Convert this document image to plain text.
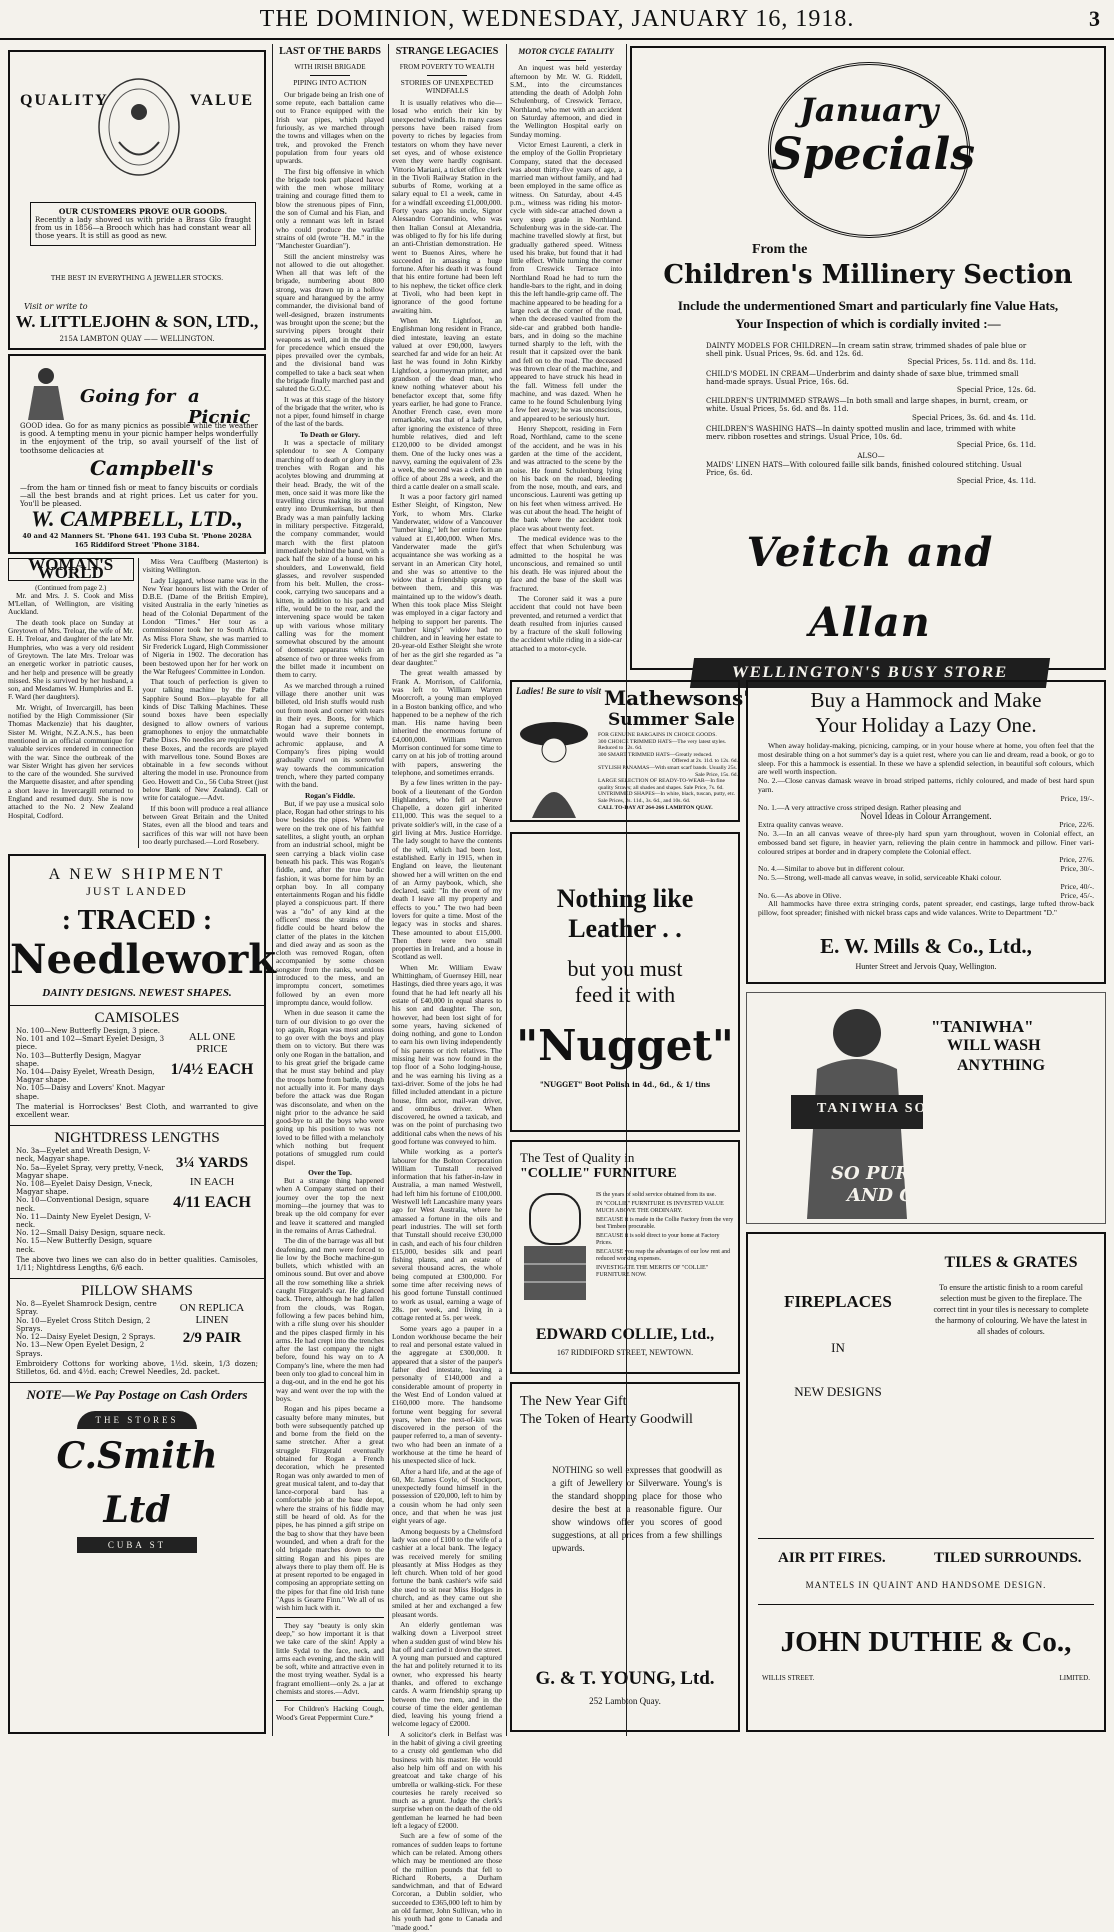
THE DOMINION, WEDNESDAY, JANUARY 16, 1918.	3
QUALITY	VALUE
OUR CUSTOMERS PROVE OUR GOODS.
Recently a lady showed us with pride a Brass Glo fraught from us in 1856—a Brooch which has had constant wear all those years. It is still as good as new.
THE BEST IN EVERYTHING A JEWELLER STOCKS.
Visit or write to
W. LITTLEJOHN & SON, LTD.,
215A LAMBTON QUAY —— WELLINGTON.
Going for a Picnic
GOOD idea. Go for as many picnics as possible while the weather is good. A tempting menu in your picnic hamper helps wonderfully in the enjoyment of the trip, so avail yourself of the list of toothsome delicacies at
Campbell's
—from the ham or tinned fish or meat to fancy biscuits or cordials—all the best brands and at right prices. Let us cater for you. You'll be pleased.
W. CAMPBELL, LTD.,
40 and 42 Manners St. 'Phone 641. 193 Cuba St. 'Phone 2028A
165 Riddiford Street 'Phone 3184.
WOMAN'S WORLD
(Continued from page 2.)

Mr. and Mrs. J. S. Cook and Miss M'Lellan, of Wellington, are visiting Auckland.

The death took place on Sunday at Greytown of Mrs. Treloar, the wife of Mr. E. H. Treloar, and daughter of the late Mr. Humphries, who was a very old resident of Greytown. The late Mrs. Treloar was an energetic worker in patriotic causes, and her help and presence will be greatly missed. She is survived by her husband, a son, and Mesdames W. Humphries and E. F. Ward (her daughters).

Mr. Wright, of Invercargill, has been notified by the High Commissioner (Sir Thomas Mackenzie) that his daughter, Sister M. Wright, N.Z.A.N.S., has been mentioned in an official communique for valuable services rendered in connection with the war. Since the outbreak of the war Sister Wright has given her services to the care of the wounded. She survived the Marquette disaster, and after spending a short leave in Invercargill returned to England and resumed duty. She is now attached to the No. 2 New Zealand Hospital, Codford.

Miss Vera Cauffberg (Masterton) is visiting Wellington.

Lady Liggard, whose name was in the New Year honours list with the Order of D.B.E. (Dame of the British Empire), visited Australia in the early 'nineties as head of the Colonial Department of the London "Times." Her tour as a commissioner took her to South Africa. As Miss Flora Shaw, she was married to Sir Frederick Lugard, High Commissioner of Nigeria in 1902. The decoration has been bestowed upon her for her work on the War Refugees' Committee in London.

That touch of perfection is given to your talking machine by the Pathe Sapphire Sound Box—playable for all kinds of Disc Talking Machines. These sound boxes have been especially designed to allow owners of various gramophones to enjoy the unmatchable Pathe Discs. No needles are required with these Boxes, and the records are played with marvellous tone. Sound Boxes are obtainable in a few seconds without altering the model in use. Pronounce from Geo. Howett and Co., 56 Cuba Street (just below Bank of New Zealand). Call or write for catalogue.—Advt.

If this boon will produce a real alliance between Great Britain and the United States, even all the blood and tears and sacrifices of this war will not have been too dearly purchased.—Lord Rosebery.

A NEW SHIPMENT
JUST LANDED
: TRACED :
Needlework
DAINTY DESIGNS. NEWEST SHAPES.
CAMISOLES
No. 100—New Butterfly Design, 3 piece.
No. 101 and 102—Smart Eyelet Design, 3 piece.
No. 103—Butterfly Design, Magyar shape.
No. 104—Daisy Eyelet, Wreath Design, Magyar shape.
No. 105—Daisy and Lovers' Knot. Magyar shape.
ALL ONE
PRICE
1/4½ EACH
The material is Horrockses' Best Cloth, and warranted to give excellent wear.
NIGHTDRESS LENGTHS
No. 3a—Eyelet and Wreath Design, V-neck, Magyar shape.
No. 5a—Eyelet Spray, very pretty, V-neck, Magyar shape.
No. 108—Eyelet Daisy Design, V-neck, Magyar shape.
No. 10—Conventional Design, square neck.
No. 11—Dainty New Eyelet Design, V-neck.
No. 12—Small Daisy Design, square neck.
No. 15—New Butterfly Design, square neck.
3¼ YARDS
IN EACH
4/11 EACH
The above two lines we can also do in better qualities. Camisoles, 1/11; Nightdress Lengths, 6/6 each.
PILLOW SHAMS
No. 8—Eyelet Shamrock Design, centre Spray.
No. 10—Eyelet Cross Stitch Design, 2 Sprays.
No. 12—Daisy Eyelet Design, 2 Sprays.
No. 13—New Open Eyelet Design, 2 Sprays.
ON REPLICA
LINEN
2/9 PAIR
Embroidery Cottons for working above, 1½d. skein, 1/3 dozen; Stilletos, 6d. and 4½d. each; Crewel Needles, 2d. packet.
NOTE—We Pay Postage on Cash Orders
THE STORES
C.Smith Ltd
CUBA ST
LAST OF THE BARDS
WITH IRISH BRIGADE
PIPING INTO ACTION

Our brigade being an Irish one of some repute, each battalion came out to France equipped with the Irish war pipes, which played furiously, as we marched through the towns and villages when on the trek, and provoked the French population from four years old upwards.

The first big offensive in which the brigade took part placed havoc with the men whose military training and courage fitted them to blow the strenuous pipes of Finn, the son of Cumal and his Fian, and only a remnant was left in Israel who could produce the warlike strains of old (wrote "H. M." in the "Manchester Guardian").

Still the ancient minstrelsy was not allowed to die out altogether. When all that was left of the brigade, numbering about 800 strong, was drawn up in a hollow square and harangued by the army commander, the divisional band of well-designed, brazen instruments was brought upon the scene; but the surviving pipers brought their weapons as well, and in the dispute for precedence which ensued the pipes prevailed over the cymbals, and the divisional band was compelled to take a back seat when the brigade finally marched past and saluted the G.O.C.

It was at this stage of the history of the brigade that the writer, who is not a piper, found himself in charge of the last of the bards.

To Death or Glory.

It was a spectacle of military splendour to see A Company marching off to death or glory in the trenches with Rogan and his acolytes blowing and drumming at their head. Brady, the wit of the men, once said it was more like the travelling circus making its annual entry into Drumkerrisan, but then Brady was a man painfully lacking in military perspective. Fitzgerald, the company commander, would march with the first platoon immediately behind the band, with a pack half the size of a house on his shoulders, and Lowenwald, field glasses, and revolver suspended from his belt. Mullen, the cross-cook, carrying two saucepans and a kitten, in addition to his pack and rifle, would be to the rear, and the intervening space would be taken up with various whose military calling was for the moment somewhat obscured by the amount of domestic apparatus which an absence of two or three weeks from the billet made it incumbent on them to carry.

As we marched through a ruined village there another unit was billeted, old Irish stuffs would rush out from nook and corner with tears in their eyes. Boots, for which Rogan had a supreme contempt, would wave their bonnets in achromic applause, and A Company's fires piping would gradually crawl on its sorrowful way towards the communication trench, where they parted company with the band.

Rogan's Fiddle.

But, if we pay use a musical solo place, Rogan had other strings to his bow besides the pipes. When we were on the trek one of his faithful satellites, a slight youth, an orphan from an industrial school, might be seen carrying a black violin case beneath his pack. This was Rogan's fiddle, and, after the true bardic fashion, it was borne for him by an orphan boy. In all company entertainments Rogan and his fiddle played a conspicuous part. If there was a "do" of any kind at the officers' mess the strains of the fiddle could be heard below the clatter of the plates in the kitchen and died away and as soon as the cloth was removed Rogan, often accompanied by some chosen songster from the ranks, would be introduced to the mess, and an impromptu concert, sometimes followed by an even more impromptu dance, would follow.

When in due season it came the turn of our division to go over the top again, Rogan was most anxious to go over with the boys and play them on to victory. But there was only one Rogan in the battalion, and to his great grief the brigade came that he must stay behind and play the troops home from battle, though not actually into it. For many days before the attack was due Rogan was disconsolate, and when on the night prior to the advance he said good-bye to all the boys who were going up his position to was not loved to be filled with a melancholy which nothing but frequent potations of smuggled rum could dispel.

Over the Top.

But a strange thing happened when A Company started on their journey over the top the next morning—the journey that was to break up the old company for ever and leave it scattered and mangled in the remains of Arras Cathedral.

The din of the barrage was all but deafening, and men were forced to lie low by the Boche machine-gun bullets, which whistled with an ominous sound. But over and above all the row something like a shriek caught Fitzgerald's ear. He glanced back. There, although he had fallen from the clouds, was Rogan, following a few paces behind him, with a rifle slung over his shoulder and the pipes clasped firmly in his arms. He had crept into the trenches after the last company the night before, found his way on to A Company's line, where the men had been only too glad to conceal him in a dug-out, and in the end he got his way and went over the top with the boys.

Rogan and his pipes became a casualty before many minutes, but both were subsequently patched up and borne from the field on the same stretcher. After a great struggle Fitzgerald eventually obtained for Rogan a French decoration, which he presented Rogan was only awarded to men of great musical talent, and to-day that lance-corporal bard has a comfortable job at the base depot, where the strains of his fiddle may still be heard of old. As for the pipes, he has pinned a gift stripe on the bag to show that they have been wounded, and when a draft for the old brigade marches down to the sitting Rogan and his pipes are always there to play them off. He is at present reported to be engaged in composing an appropriate setting on the pipes for that fine old Irish tune "Agus is Gearre Finn." We all of us wish him luck with it.

They say "beauty is only skin deep," so how important it is that we take care of the skin! Apply a little Sydal to the face, neck, and arms each evening, and the skin will be soft, white and attractive even in the most trying weather. Sydal is a fragrant emollient—only 2s. a jar at chemists and stores.—Advt.

For Children's Hacking Cough, Wood's Great Peppermint Cure.*

STRANGE LEGACIES
FROM POVERTY TO WEALTH
STORIES OF UNEXPECTED WINDFALLS

It is usually relatives who die—losad who enrich their kin by unexpected windfalls. In many cases persons have been raised from poverty to riches by legacies from testators on whom they have never set eyes, and of whose existence even they were hardly cognisant. Vittorio Mariani, a ticket office clerk in the Tivoli Railway Station in the suburbs of Rome, working at a salary equal to £1 a week, came in for a windfall exceeding £1,000,000. Forty years ago his uncle, Signor Alessandro Corrandinio, who was then Italian Consul at Alexandria, was obliged to fly for his life during an anti-Christian demonstration. He went to Buenos Aires, where he succeeded in amassing a huge fortune. After his death it was found that his entire fortune had been left to his nephew, the ticket office clerk at Tivoli, who had been kept in ignorance of the good fortune awaiting him.

When Mr. Lightfoot, an Englishman long resident in France, died intestate, leaving an estate valued at over £90,000, lawyers searched far and wide for an heir. At last he was found in John Kirkby Lightfoot, a journeyman printer, and grandson of the dead man, who knew nothing whatever about his benefactor except that, some fifty years earlier, he had gone to France. Another French case, even more remarkable, was that of a lady who, after ignoring the existence of three humble relatives, died and left £120,000 to be divided amongst them. One of the lucky ones was a navvy, earning the equivalent of 23s a week, the second was a clerk in an office of about 28s a week, and the third a cattle dealer on a small scale.

It was a poor factory girl named Esther Sleight, of Kingston, New York, to whom Mrs. Clarke Vanderwater, widow of a Vancouver "lumber king," left her entire fortune valued at £1,400,000. When Mrs. Vanderwater made the girl's acquaintance she was working as a servant in an American City hotel, and she was so attentive to the widow that a friendship sprang up between them, and this was maintained up to the widow's death. When this took place Miss Sleight was employed in a cigar factory and helping to support her parents. The "lumber king's" widow had no children, and in leaving her estate to 20-year-old Esther Sleight she wrote of her as the girl she regarded as "a dear daughter."

The great wealth amassed by Frank A. Morrison, of California, was left to William Warren Moorcroft, a young man employed in a Boston banking office, and who happened to be a nephew of the rich man. His name having been inherited the enormous fortune of £4,000,000. William Warren Morrison continued for some time to carry on at his job of trotting around with papers, answering the telephone, and sometimes errands.

By a few lines written in the pay-book of a lieutenant of the Gordon Highlanders, who fell at Neuve Chapelle, a dozen girl inherited £11,000. This was the sequel to a private soldier's will, in the case of a girl living at Mrs. Justice Horridge. The lady sought to have the contents of the will, which had been lost, established. Early in 1915, when in England on leave, the lieutenant showed her a will written on the end of an Army paybook, which, she declared, said: "In the event of my death I leave all my property and effects to you." The two had been lovers for quite a time. Most of the legacy was in stocks and shares. These amounted to about £15,000. Then there were two small properties in Ireland, and a house in Scotland as well.

When Mr. William Ewaw Whittingham, of Guernsey Hill, near Hastings, died three years ago, it was found that he had left nearly all his estate of £40,000 in equal shares to his son and daughter. The son, however, had been lost sight of for some years, having sickened of doing nothing, and gone to London to earn his own living independently of his parents or rich relatives. The missing heir was now found in the top floor of a Soho lodging-house, and he was earning his living as a taxi-driver. Some of the jobs he had filled included attendant in a picture house, film actor, mail-van driver, and omnibus driver. When discovered, he owned a taxicab, and was on the point of purchasing two additional cabs when the news of his good fortune was conveyed to him.

While working as a porter's labourer for the Bolton Corporation William Tunstall received information that his father-in-law in Australia, a man named Westwell, had left him his fortune of £100,000. Westwell left Lancashire many years ago for West Australia, where he amassed a fortune in the oils and pearl industries. The will set forth that Tunstall should receive £30,000 in cash, and each of his four children £15,000, besides silk and pearl fishing plants, and an estate of several thousand acres, the whole being computed at £300,000. For some time after receiving news of his good fortune Tunstall continued to work as usual, earning a wage of 28s. per week, and living in a cottage rented at 5s. per week.

Some years ago a pauper in a London workhouse became the heir to real and personal estate valued in the aggregate at £300,000. It appeared that a sister of the pauper's father died intestate, leaving a personalty of £140,000 and a considerable amount of property in the West End of London valued at £160,000 more. The handsome fortune went begging for several years, when the next-of-kin was discovered in the person of the pauper referred to, a man of seventy-two who had been an inmate of a workhouse at the time he heard of his unexpected slice of luck.

After a hard life, and at the age of 60, Mr. James Coyle, of Stockport, unexpectedly found himself in the possession of £20,000, left to him by a cousin whom he had only seen once, and that when he was just eight years of age.

Among bequests by a Chelmsford lady was one of £100 to the wife of a cashier at a local bank. The legacy was received merely for smiling pleasantly at Miss Hodges as they left church. When told of her good fortune the bank cashier's wife said she used to sit near Miss Hodges in church, and as they came out she smiled at her and exchanged a few pleasant words.

An elderly gentleman was walking down a Liverpool street when a sudden gust of wind blew his hat off and carried it down the street. A young man pursued and captured the hat and politely returned it to its owner, who expressed his hearty thanks, and offered to exchange cards. A warm friendship sprang up between the two men, and in the course of time the elder gentleman died, leaving his young friend a welcome legacy of £2000.

A solicitor's clerk in Belfast was in the habit of giving a civil greeting to a crusty old gentleman who did business with his master. He would also help him off and on with his greatcoat and take charge of his umbrella or walking-stick. For these courtesies he rarely received so much as a grunt. Judge the clerk's surprise when on the death of the old gentleman he learned he had been left a legacy of £2000.

Such are a few of some of the romances of sudden leaps to fortune which can be related. Among others which may be mentioned are those of the million pounds that fell to Richard Roberts, a Durham sandwichman, and that of Edward Corcoran, a Dublin soldier, who succeeded to £365,000 left to him by an old farmer, John Sullivan, who in his youth had gone to Canada and "made good."

MOTOR CYCLE FATALITY

An inquest was held yesterday afternoon by Mr. W. G. Riddell, S.M., into the circumstances attending the death of Adolph John Schulenburg, of Creswick Terrace, Northland, who met with an accident on Saturday afternoon, and died in the Wellington Hospital early on Sunday morning.

Victor Ernest Laurenti, a clerk in the employ of the Gollin Proprietary Company, stated that the deceased was about thirty-five years of age, a married man without family, and had been employed in the same office as witness. On Saturday, about 4.45 p.m., witness was riding his motor-cycle with side-car attached down a very steep grade in Northland. Schulenburg was in the side-car. The machine travelled slowly at first, but gradually gathered speed. Witness used his brake, but found that it had little effect. While turning the corner from Creswick Terrace into Northland Road he had to turn the handle-bars to the right, and in doing this the left handle-grip came off. The machine appeared to be heading for a large rock at the corner of the road, when the deceased vaulted from the side-car and grabbed both handle-bars, and in doing so the machine turned sharply to the left, with the result that it capsized over the bank and fell on to the road. The deceased was thrown clear of the machine, and appeared to have struck his head in the fall. Witness fell under the machine, and was dazed. When he came to he found Schulenburg lying a few feet away; he was unconscious, and appeared to be seriously hurt.

Henry Shepcott, residing in Fern Road, Northland, came to the scene of the accident, and he was in his garden at the time of the accident, and was attracted to the scene by the noise. He found Schulenburg lying on his back on the road, bleeding from the nose, mouth, and ears, and unconscious. Laurenti was getting up on his feet when witness arrived. He was cut about the head. The height of the bank where the accident took place was about twenty feet.

The medical evidence was to the effect that when Schulenburg was admitted to the hospital he was unconscious, and remained so until his death. He was injured about the face and the base of the skull was fractured.

The Coroner said it was a pure accident that could not have been prevented, and returned a verdict that death resulted from injuries caused by a fracture of the skull following the accident while riding in a side-car attached to a motor-cycle.

January
Specials
From the
Children's Millinery Section
Include the undermentioned Smart and particularly fine Value Hats,
Your Inspection of which is cordially invited :—
DAINTY MODELS FOR CHILDREN—In cream satin straw, trimmed shades of pale blue or shell pink. Usual Prices, 9s. 6d. and 12s. 6d.
Special Prices, 5s. 11d. and 8s. 11d.
CHILD'S MODEL IN CREAM—Underbrim and dainty shade of saxe blue, trimmed small hand-made sprays. Usual Price, 16s. 6d.
Special Price, 12s. 6d.
CHILDREN'S UNTRIMMED STRAWS—In both small and large shapes, in burnt, cream, or white. Usual Prices, 5s. 6d. and 8s. 11d.
Special Prices, 3s. 6d. and 4s. 11d.
CHILDREN'S WASHING HATS—In dainty spotted muslin and lace, trimmed with white merv. ribbon rosettes and strings. Usual Price, 10s. 6d.
Special Price, 6s. 11d.
ALSO—
MAIDS' LINEN HATS—With coloured faille silk bands, finished coloured stitching. Usual Price, 6s. 6d.
Special Price, 4s. 11d.
Veitch and Allan
WELLINGTON'S BUSY STORE
Ladies! Be sure to visit Mathewsons'
Summer Sale
FOR GENUINE BARGAINS IN CHOICE GOODS.
300 CHOICE TRIMMED HATS—The very latest styles. Reduced to 12s. 6d.
300 SMART TRIMMED HATS—Greatly reduced.
Offered at 2s. 11d. to 12s. 6d.
STYLISH PANAMAS—With smart scarf bands. Usually 25s.
Sale Price, 15s. 6d.
LARGE SELECTION OF READY-TO-WEAR—In fine quality Straws; all shades and shapes. Sale Price, 7s. 6d.
UNTRIMMED SHAPES—In white, black, tuscan, putty, etc. Sale Prices, 2s. 11d., 3s. 6d., and 10s. 6d.
CALL TO-DAY AT 264-266 LAMBTON QUAY.
Nothing like
Leather . .
but you must
feed it with
"Nugget"
"NUGGET" Boot Polish in 4d., 6d., & 1/ tins
The Test of Quality in
"COLLIE" FURNITURE
IS the years of solid service obtained from its use.
IN "COLLIE" FURNITURE IS INVESTED VALUE MUCH ABOVE THE ORDINARY.
BECAUSE it is made in the Collie Factory from the very best Timbers procurable.
BECAUSE it is sold direct to your home at Factory Prices.
BECAUSE you reap the advantages of our low rent and reduced working expenses.
INVESTIGATE THE MERITS OF "COLLIE" FURNITURE NOW.
EDWARD COLLIE, Ltd.,
167 RIDDIFORD STREET, NEWTOWN.
The New Year Gift
The Token of Hearty Goodwill
NOTHING so well expresses that goodwill as a gift of Jewellery or Silverware. Young's is the standard shopping place for those who desire the best at a reasonable figure. Our show windows offer you scores of good suggestions, at all prices from a few shillings upwards.
G. & T. YOUNG, Ltd.
252 Lambton Quay.
Buy a Hammock and Make
Your Holiday a Lazy One.
When away holiday-making, picnicing, camping, or in your house where at home, you often feel that the most desirable thing on a hot summer's day is a quiet rest, where you can lie and dream, read a book, or go to sleep. For this a hammock is essential. In these we have a splendid selection, in beautiful soft colours, which are well worth inspection.
No. 2.—Close canvas damask weave in broad striped patterns, richly coloured, and made of best hard spun yarn.
Price, 19/-.
No. 1.—A very attractive cross striped design. Rather pleasing and
Novel Ideas in Colour Arrangement.
Extra quality canvas weave.	Price, 22/6.
No. 3.—In an all canvas weave of three-ply hard spun yarn throughout, woven in Colonial effect, an embossed band set figure, in heavier yarn, relieving the plain centre in hammock and pillow. Finer vari-coloured stripes at border and in drapery complete the Colonial effect.
Price, 27/6.
No. 4.—Similar to above but in different colour.	Price, 30/-.
No. 5.—Strong, well-made all canvas weave, in solid, serviceable Khaki colour.
Price, 40/-.
No. 6.—As above in Olive.	Price, 45/-.
All hammocks have three extra stringing cords, patent spreader, end castings, large tufted throw-back pillow, foot spreader; finished with nickel brass caps and wide valances. Write to Department "D."
E. W. Mills & Co., Ltd.,
Hunter Street and Jervois Quay, Wellington.
"TANIWHA"
WILL WASH
ANYTHING
TANIWHA SOAP
SO PURE
AND GOOD.
FIREPLACES
IN
NEW DESIGNS
TILES & GRATES
To ensure the artistic finish to a room careful selection must be given to the fireplace. The correct tint in your tiles is necessary to complete the harmony of colouring. We have the latest in all shades of colours.
AIR PIT FIRES.	TILED SURROUNDS.
MANTELS IN QUAINT AND HANDSOME DESIGN.
JOHN DUTHIE & Co.,
WILLIS STREET.	LIMITED.
